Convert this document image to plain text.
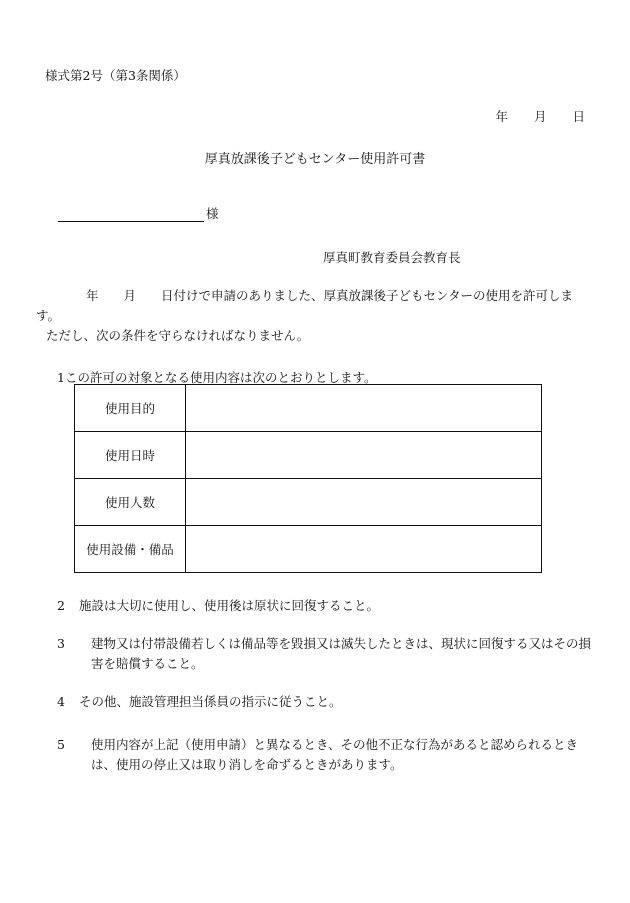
様式第2号（第3条関係）
年 月 日
厚真放課後子どもセンター使用許可書
様
厚真町教育委員会教育長
年　　月　　日付けで申請のありました、厚真放課後子どもセンターの使用を許可します。
ただし、次の条件を守らなければなりません。
1この許可の対象となる使用内容は次のとおりとします。
使用目的	
使用日時	
使用人数	
使用設備・備品	
2 施設は大切に使用し、使用後は原状に回復すること。
3 建物又は付帯設備若しくは備品等を毀損又は滅失したときは、現状に回復する又はその損害を賠償すること。
4 その他、施設管理担当係員の指示に従うこと。
5 使用内容が上記（使用申請）と異なるとき、その他不正な行為があると認められるときは、使用の停止又は取り消しを命ずるときがあります。
